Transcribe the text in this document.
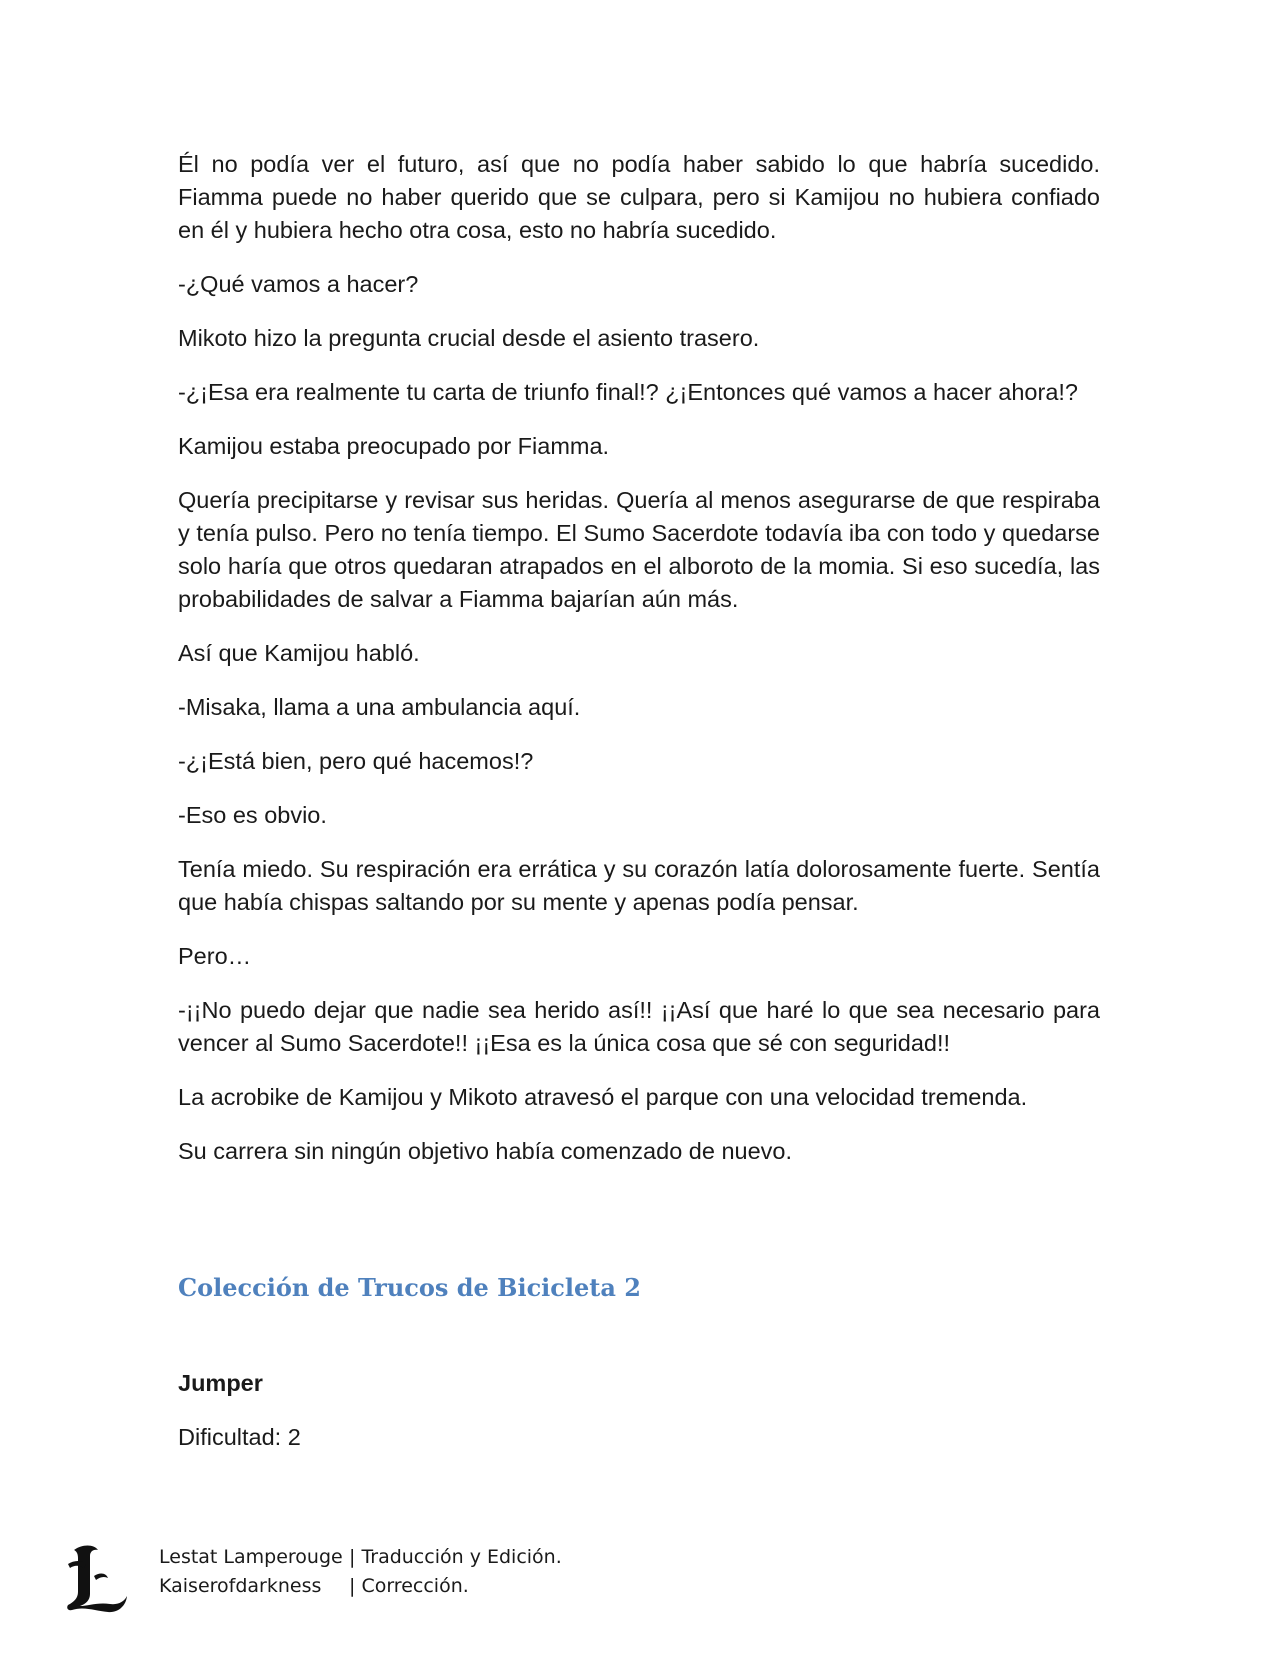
Él no podía ver el futuro, así que no podía haber sabido lo que habría sucedido. Fiamma puede no haber querido que se culpara, pero si Kamijou no hubiera confiado en él y hubiera hecho otra cosa, esto no habría sucedido.

-¿Qué vamos a hacer?

Mikoto hizo la pregunta crucial desde el asiento trasero.

-¿¡Esa era realmente tu carta de triunfo final!? ¿¡Entonces qué vamos a hacer ahora!?

Kamijou estaba preocupado por Fiamma.

Quería precipitarse y revisar sus heridas. Quería al menos asegurarse de que respiraba y tenía pulso. Pero no tenía tiempo. El Sumo Sacerdote todavía iba con todo y quedarse solo haría que otros quedaran atrapados en el alboroto de la momia. Si eso sucedía, las probabilidades de salvar a Fiamma bajarían aún más.

Así que Kamijou habló.

-Misaka, llama a una ambulancia aquí.

-¿¡Está bien, pero qué hacemos!?

-Eso es obvio.

Tenía miedo. Su respiración era errática y su corazón latía dolorosamente fuerte. Sentía que había chispas saltando por su mente y apenas podía pensar.

Pero…

-¡¡No puedo dejar que nadie sea herido así!! ¡¡Así que haré lo que sea necesario para vencer al Sumo Sacerdote!! ¡¡Esa es la única cosa que sé con seguridad!!

La acrobike de Kamijou y Mikoto atravesó el parque con una velocidad tremenda.

Su carrera sin ningún objetivo había comenzado de nuevo.

Colección de Trucos de Bicicleta 2

Jumper

Dificultad: 2

Lestat Lamperouge | Traducción y Edición.
Kaiserofdarkness | Corrección.
